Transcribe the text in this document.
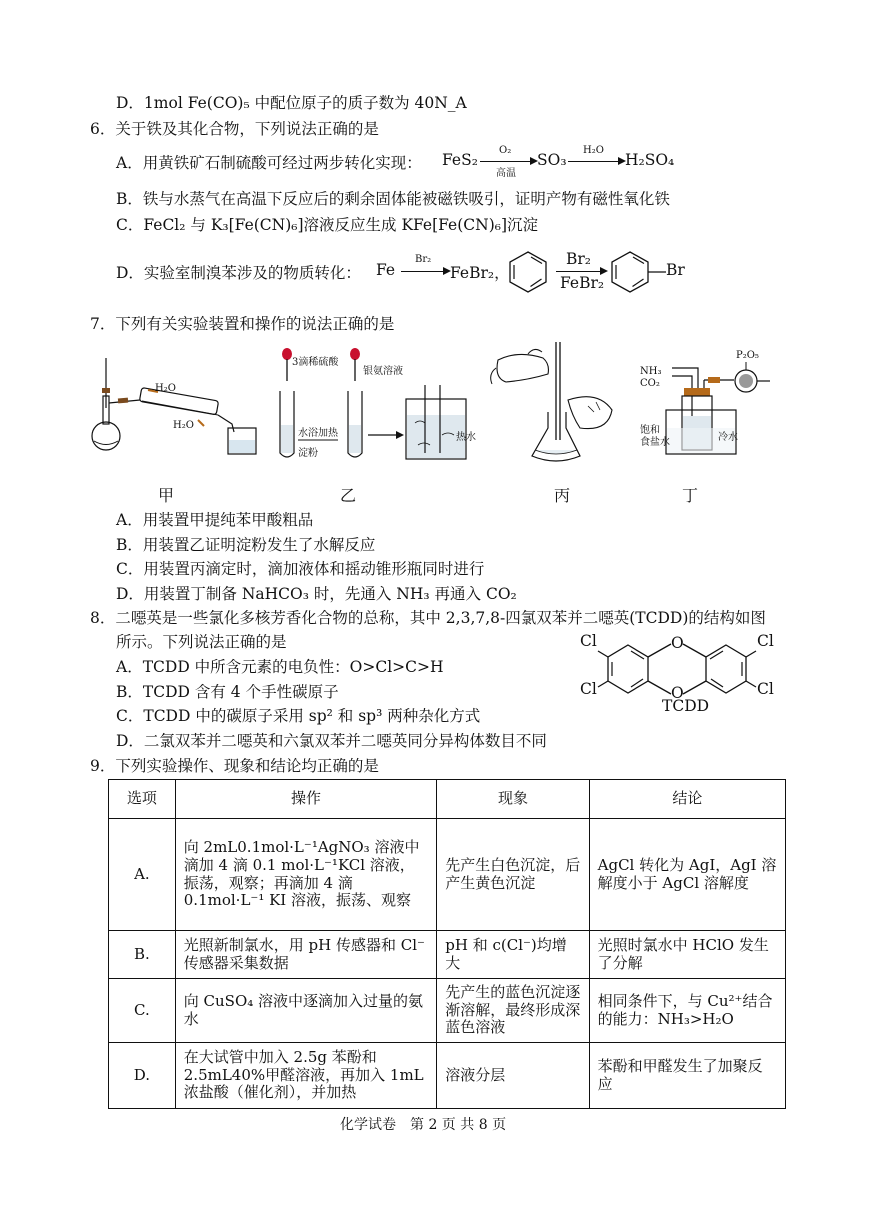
D．1mol Fe(CO)₅ 中配位原子的质子数为 40N_A
6．关于铁及其化合物，下列说法正确的是
A．用黄铁矿石制硫酸可经过两步转化实现： FeS₂
O₂
高温
SO₃
H₂O
H₂SO₄
B．铁与水蒸气在高温下反应后的剩余固体能被磁铁吸引，证明产物有磁性氧化铁
C．FeCl₂ 与 K₃[Fe(CN)₆]溶液反应生成 KFe[Fe(CN)₆]沉淀
D．实验室制溴苯涉及的物质转化： Fe
Br₂
FeBr₂，
Br₂
FeBr₂
Br
7．下列有关实验装置和操作的说法正确的是
H₂O
H₂O
3滴稀硫酸
银氨溶液
水浴加热
淀粉
热水
NH₃
CO₂
P₂O₅
饱和
食盐水	冷水
甲	乙	丙	丁
A．用装置甲提纯苯甲酸粗品
B．用装置乙证明淀粉发生了水解反应
C．用装置丙滴定时，滴加液体和摇动锥形瓶同时进行
D．用装置丁制备 NaHCO₃ 时，先通入 NH₃ 再通入 CO₂
8．二噁英是一些氯化多核芳香化合物的总称，其中 2,3,7,8-四氯双苯并二噁英(TCDD)的结构如图
所示。下列说法正确的是
A．TCDD 中所含元素的电负性：O>Cl>C>H
B．TCDD 含有 4 个手性碳原子
C．TCDD 中的碳原子采用 sp² 和 sp³ 两种杂化方式
D．二氯双苯并二噁英和六氯双苯并二噁英同分异构体数目不同
Cl
Cl
Cl
Cl
O
O
TCDD
9．下列实验操作、现象和结论均正确的是
选项	操作	现象	结论
A.	向 2mL0.1mol·L⁻¹AgNO₃ 溶液中滴加 4 滴 0.1 mol·L⁻¹KCl 溶液，振荡，观察；再滴加 4 滴 0.1mol·L⁻¹ KI 溶液，振荡、观察	先产生白色沉淀，后产生黄色沉淀	AgCl 转化为 AgI，AgI 溶解度小于 AgCl 溶解度
B.	光照新制氯水，用 pH 传感器和 Cl⁻传感器采集数据	pH 和 c(Cl⁻)均增大	光照时氯水中 HClO 发生了分解
C.	向 CuSO₄ 溶液中逐滴加入过量的氨水	先产生的蓝色沉淀逐渐溶解，最终形成深蓝色溶液	相同条件下，与 Cu²⁺结合的能力：NH₃>H₂O
D.	在大试管中加入 2.5g 苯酚和 2.5mL40%甲醛溶液，再加入 1mL 浓盐酸（催化剂），并加热	溶液分层	苯酚和甲醛发生了加聚反应
化学试卷　第 2 页 共 8 页
